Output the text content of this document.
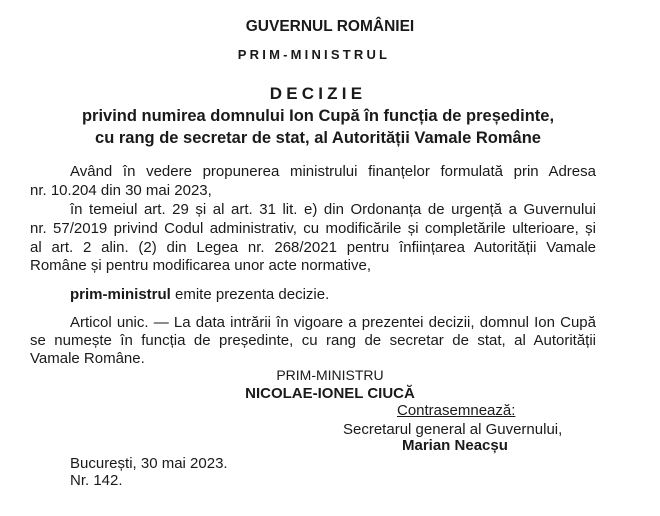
GUVERNUL ROMÂNIEI
PRIM-MINISTRUL
DECIZIE
privind numirea domnului Ion Cupă în funcția de președinte,
cu rang de secretar de stat, al Autorității Vamale Române
Având în vedere propunerea ministrului finanțelor formulată prin Adresa
nr. 10.204 din 30 mai 2023,
în temeiul art. 29 și al art. 31 lit. e) din Ordonanța de urgență a Guvernului
nr. 57/2019 privind Codul administrativ, cu modificările și completările ulterioare, și
al art. 2 alin. (2) din Legea nr. 268/2021 pentru înființarea Autorității Vamale
Române și pentru modificarea unor acte normative,
prim-ministrul emite prezenta decizie.
Articol unic. — La data intrării în vigoare a prezentei decizii, domnul Ion Cupă
se numește în funcția de președinte, cu rang de secretar de stat, al Autorității
Vamale Române.
PRIM-MINISTRU
NICOLAE-IONEL CIUCĂ
Contrasemnează:
Secretarul general al Guvernului,
Marian Neacșu
București, 30 mai 2023.
Nr. 142.
